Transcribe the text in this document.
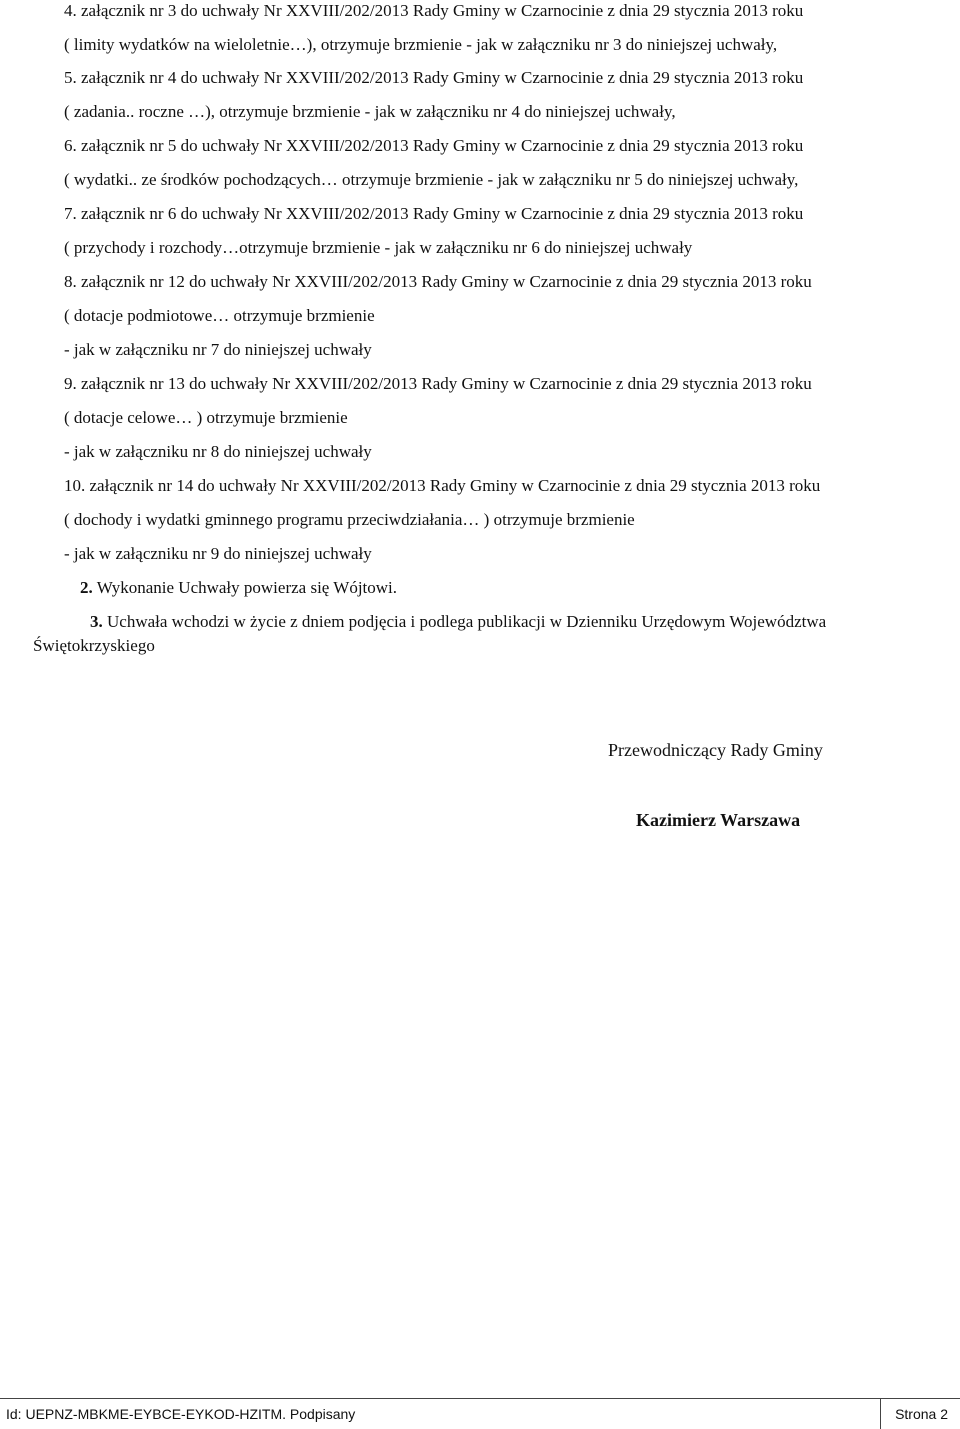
4. załącznik nr 3 do uchwały Nr XXVIII/202/2013 Rady Gminy w Czarnocinie z dnia 29 stycznia 2013 roku
( limity wydatków na wieloletnie…), otrzymuje brzmienie - jak w załączniku nr 3 do niniejszej uchwały,
5. załącznik nr 4 do uchwały Nr XXVIII/202/2013 Rady Gminy w Czarnocinie z dnia 29 stycznia 2013 roku
( zadania.. roczne …), otrzymuje brzmienie - jak w załączniku nr 4 do niniejszej uchwały,
6. załącznik nr 5 do uchwały Nr XXVIII/202/2013 Rady Gminy w Czarnocinie z dnia 29 stycznia 2013 roku
( wydatki.. ze środków pochodzących… otrzymuje brzmienie - jak w załączniku nr 5 do niniejszej uchwały,
7. załącznik nr 6 do uchwały Nr XXVIII/202/2013 Rady Gminy w Czarnocinie z dnia 29 stycznia 2013 roku
( przychody i rozchody…otrzymuje brzmienie - jak w załączniku nr 6 do niniejszej uchwały
8. załącznik nr 12 do uchwały Nr XXVIII/202/2013 Rady Gminy w Czarnocinie z dnia 29 stycznia 2013 roku
( dotacje podmiotowe… otrzymuje brzmienie
- jak w załączniku nr 7 do niniejszej uchwały
9. załącznik nr 13 do uchwały Nr XXVIII/202/2013 Rady Gminy w Czarnocinie z dnia 29 stycznia 2013 roku
( dotacje celowe… ) otrzymuje brzmienie
- jak w załączniku nr 8 do niniejszej uchwały
10. załącznik nr 14 do uchwały Nr XXVIII/202/2013 Rady Gminy w Czarnocinie z dnia 29 stycznia 2013 roku
( dochody i wydatki gminnego programu przeciwdziałania… ) otrzymuje brzmienie
- jak w załączniku nr 9 do niniejszej uchwały
2. Wykonanie Uchwały powierza się Wójtowi.
3. Uchwała wchodzi w życie z dniem podjęcia i podlega publikacji w Dzienniku Urzędowym Województwa
Świętokrzyskiego
Przewodniczący Rady Gminy
Kazimierz Warszawa
Id: UEPNZ-MBKME-EYBCE-EYKOD-HZITM. Podpisany	Strona 2
